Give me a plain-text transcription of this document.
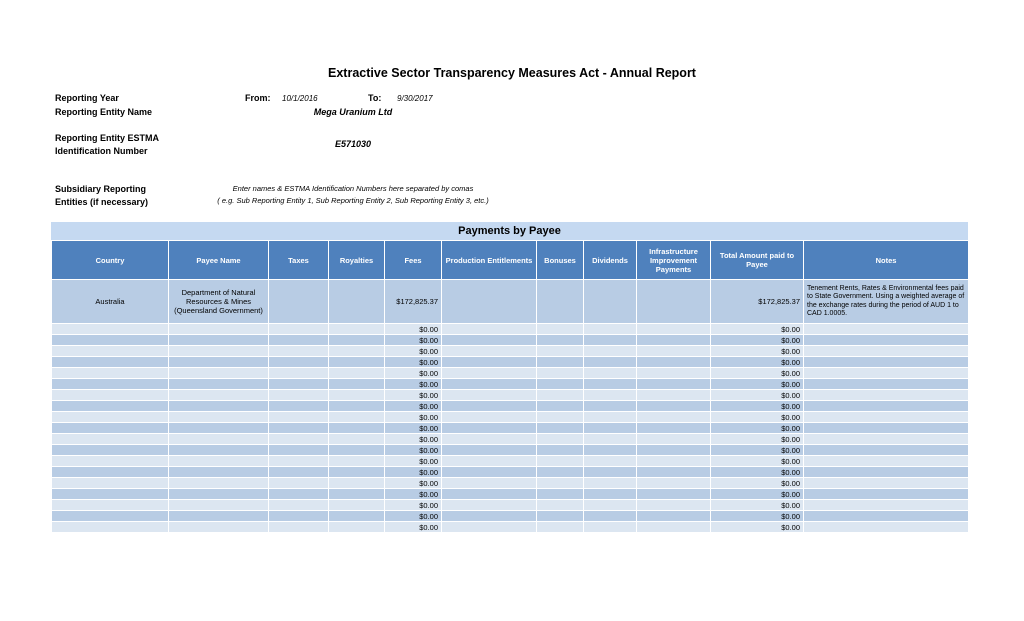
Extractive Sector Transparency Measures Act - Annual Report
Reporting Year	From: 10/1/2016	To: 9/30/2017
Reporting Entity Name	Mega Uranium Ltd
Reporting Entity ESTMA
Identification Number
E571030
Subsidiary Reporting
Entities (if necessary)
Enter names & ESTMA Identification Numbers here separated by comas
( e.g. Sub Reporting Entity 1, Sub Reporting Entity 2, Sub Reporting Entity 3, etc.)
Payments by Payee
Country	Payee Name	Taxes	Royalties	Fees	Production Entitlements	Bonuses	Dividends	Infrastructure Improvement Payments	Total Amount paid to Payee	Notes
Australia	Department of Natural Resources & Mines (Queensland Government)			$172,825.37					$172,825.37	Tenement Rents, Rates & Environmental fees paid to State Government. Using a weighted average of the exchange rates during the period of AUD 1 to CAD 1.0005.
				$0.00					$0.00	
				$0.00					$0.00	
				$0.00					$0.00	
				$0.00					$0.00	
				$0.00					$0.00	
				$0.00					$0.00	
				$0.00					$0.00	
				$0.00					$0.00	
				$0.00					$0.00	
				$0.00					$0.00	
				$0.00					$0.00	
				$0.00					$0.00	
				$0.00					$0.00	
				$0.00					$0.00	
				$0.00					$0.00	
				$0.00					$0.00	
				$0.00					$0.00	
				$0.00					$0.00	
				$0.00					$0.00	
